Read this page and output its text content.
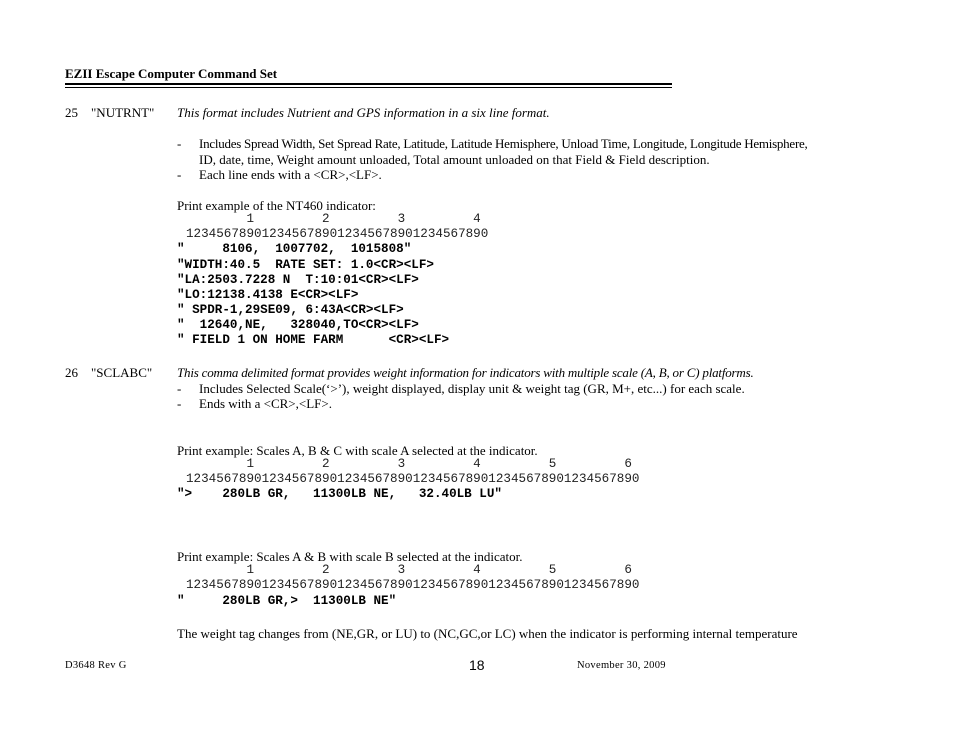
EZII Escape Computer Command Set
25 "NUTRNT" This format includes Nutrient and GPS information in a six line format.
- Includes Spread Width, Set Spread Rate, Latitude, Latitude Hemisphere, Unload Time, Longitude, Longitude Hemisphere,
ID, date, time, Weight amount unloaded, Total amount unloaded on that Field & Field description.
- Each line ends with a <CR>,<LF>.
Print example of the NT460 indicator:
1         2         3         4
1234567890123456789012345678901234567890
"     8106,  1007702,  1015808"
"WIDTH:40.5  RATE SET: 1.0<CR><LF>
"LA:2503.7228 N  T:10:01<CR><LF>
"LO:12138.4138 E<CR><LF>
" SPDR-1,29SE09, 6:43A<CR><LF>
"  12640,NE,   328040,TO<CR><LF>
" FIELD 1 ON HOME FARM      <CR><LF>
26 "SCLABC" This comma delimited format provides weight information for indicators with multiple scale (A, B, or C) platforms.
- Includes Selected Scale(‘>’), weight displayed, display unit & weight tag (GR, M+, etc...) for each scale.
- Ends with a <CR>,<LF>.
Print example: Scales A, B & C with scale A selected at the indicator.
1         2         3         4         5         6
123456789012345678901234567890123456789012345678901234567890
">    280LB GR,   11300LB NE,   32.40LB LU"
Print example: Scales A & B with scale B selected at the indicator.
1         2         3         4         5         6
123456789012345678901234567890123456789012345678901234567890
"     280LB GR,>  11300LB NE"
The weight tag changes from (NE,GR, or LU) to (NC,GC,or LC) when the indicator is performing internal temperature
D3648 Rev G	18	November 30, 2009
